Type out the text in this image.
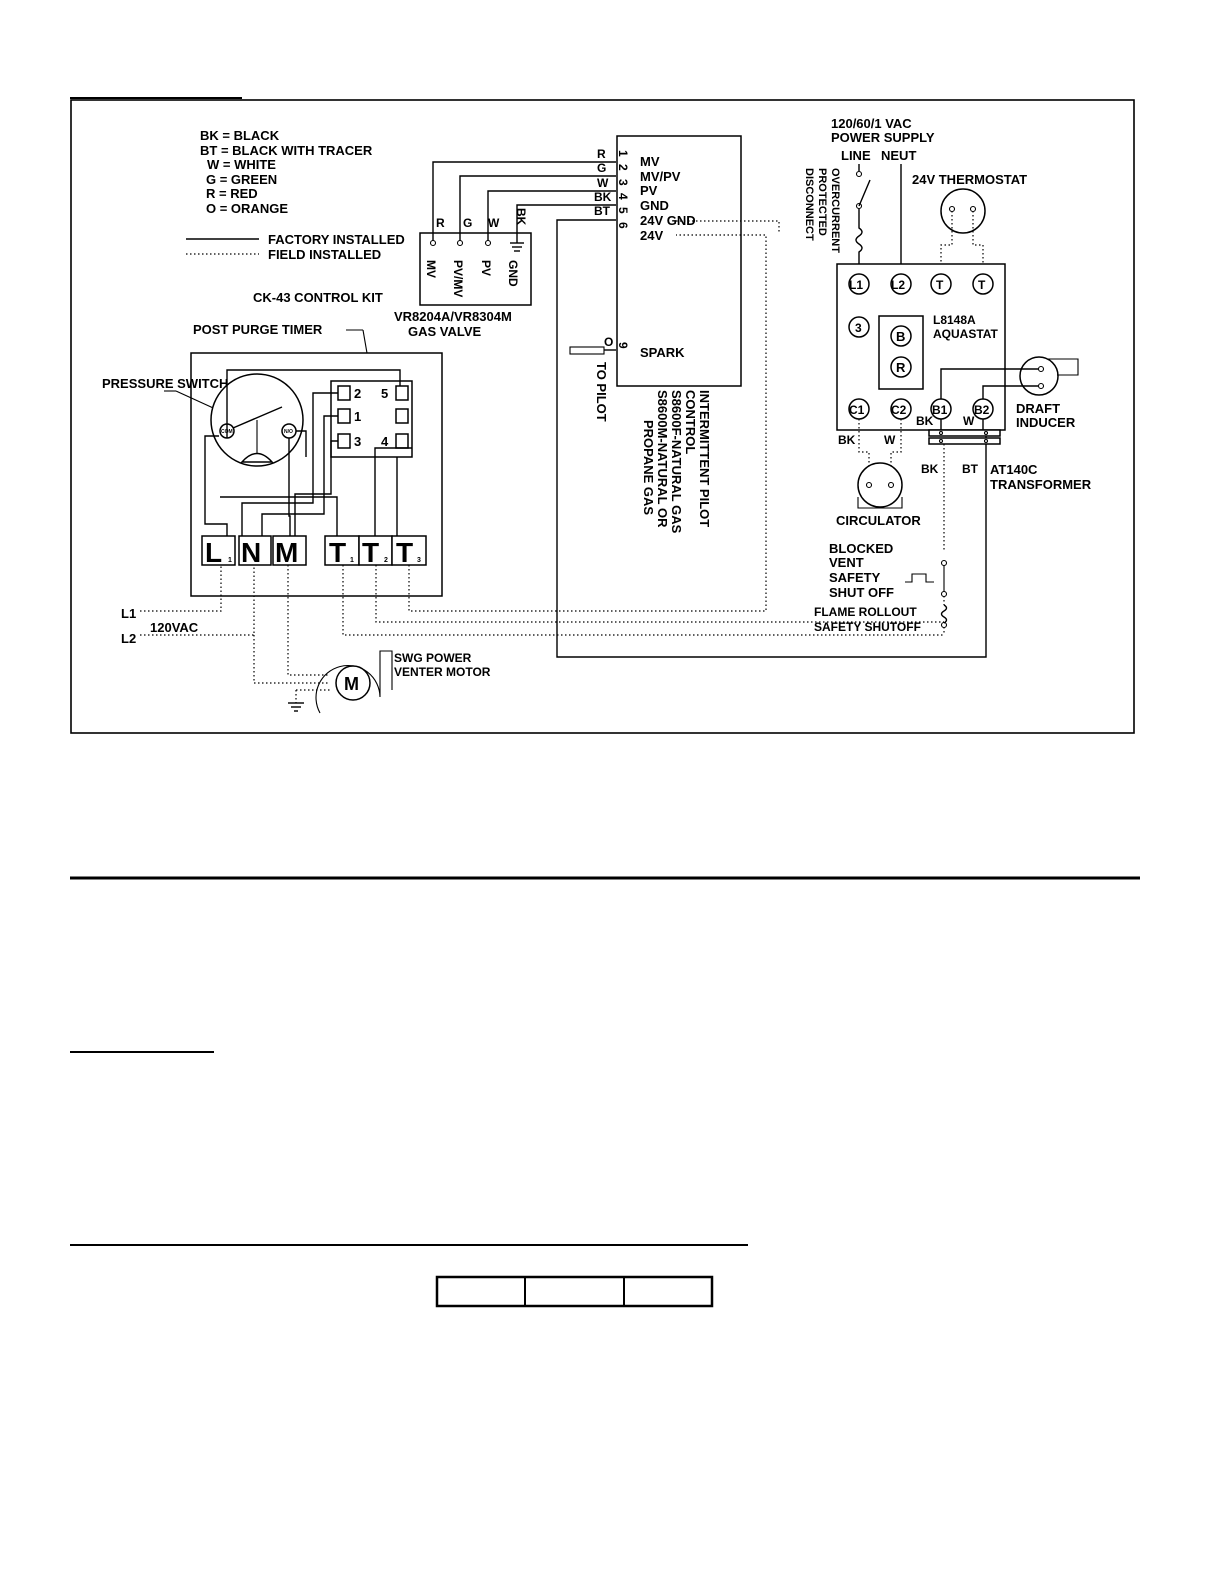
BK = BLACK
BT = BLACK WITH TRACER
W = WHITE
G = GREEN
R = RED
O = ORANGE
FACTORY INSTALLED
FIELD INSTALLED
R G W BK
MV PV/MV PV GND
VR8204A/VR8304M
GAS VALVE
R
G
W
BK
BT
1
2
3
4
5
6
MV
MV/PV
PV
GND
24V GND
24V
O 9 SPARK
TO PILOT	INTERMITTENT PILOT
CONTROL
S8600F-NATURAL GAS
S8600M-NATURAL OR
PROPANE GAS
CK-43 CONTROL KIT
POST PURGE TIMER
PRESSURE SWITCH
COM	N/O
2
1
3
5
4
L N M T T T
1	1	2	3
L1
L2
120VAC
M
SWG POWER
VENTER MOTOR
120/60/1 VAC
POWER SUPPLY
LINE NEUT
OVERCURRENT
PROTECTED
DISCONNECT	24V THERMOSTAT
L1 L2	T	T
3
B
R
L8148A
AQUASTAT
C1 C2 B1 B2 DRAFT
INDUCER
BK W
BK BT AT140C
TRANSFORMER
BK W
CIRCULATOR
BLOCKED
VENT
SAFETY
SHUT OFF
FLAME ROLLOUT
SAFETY SHUTOFF
